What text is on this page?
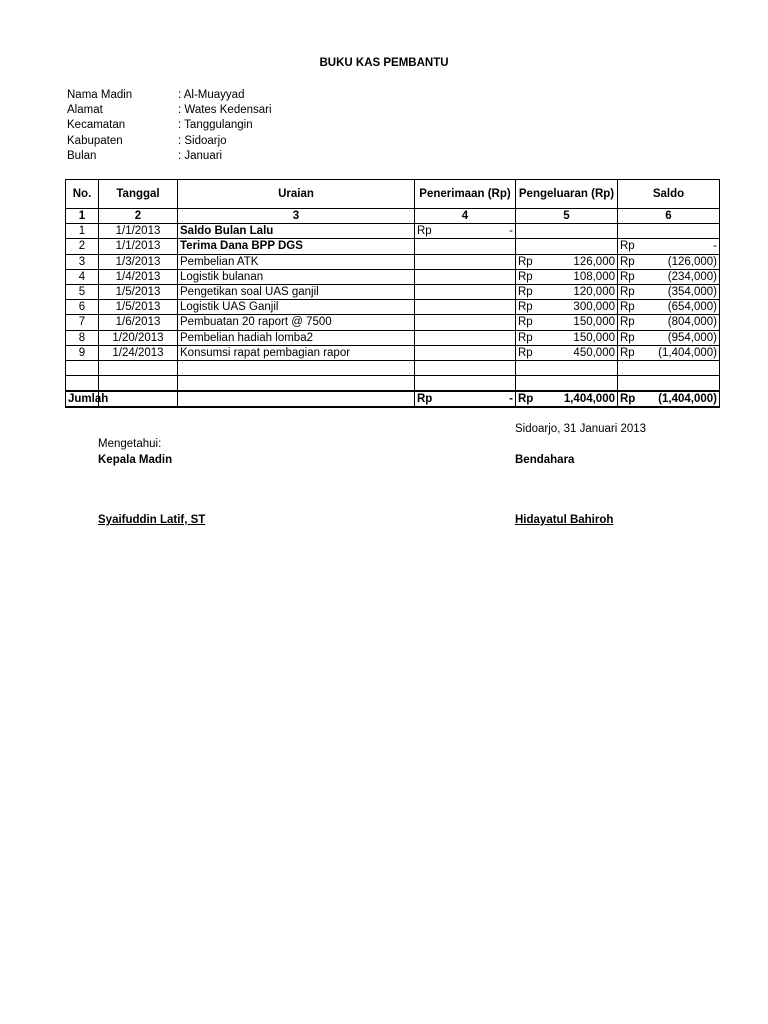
BUKU KAS PEMBANTU
Nama Madin	: Al-Muayyad
Alamat	: Wates Kedensari
Kecamatan	: Tanggulangin
Kabupaten	: Sidoarjo
Bulan	: Januari
No.	Tanggal	Uraian	Penerimaan (Rp)	Pengeluaran (Rp)	Saldo
1	2	3	4	5	6
1	1/1/2013	Saldo Bulan Lalu	Rp -		

2	1/1/2013	Terima Dana BPP DGS			Rp -

3	1/3/2013	Pembelian ATK		Rp 126,000	Rp (126,000)

4	1/4/2013	Logistik bulanan		Rp 108,000	Rp (234,000)

5	1/5/2013	Pengetikan soal UAS ganjil		Rp 120,000	Rp (354,000)

6	1/5/2013	Logistik UAS Ganjil		Rp 300,000	Rp (654,000)

7	1/6/2013	Pembuatan 20 raport @ 7500		Rp 150,000	Rp (804,000)

8	1/20/2013	Pembelian hadiah lomba2		Rp 150,000	Rp (954,000)

9	1/24/2013	Konsumsi rapat pembagian rapor		Rp 450,000	Rp (1,404,000)

Jumlah			Rp -	Rp 1,404,000	Rp (1,404,000)
Sidoarjo, 31 Januari 2013
Mengetahui:
Kepala Madin	Bendahara
Syaifuddin Latif, ST	Hidayatul Bahiroh
